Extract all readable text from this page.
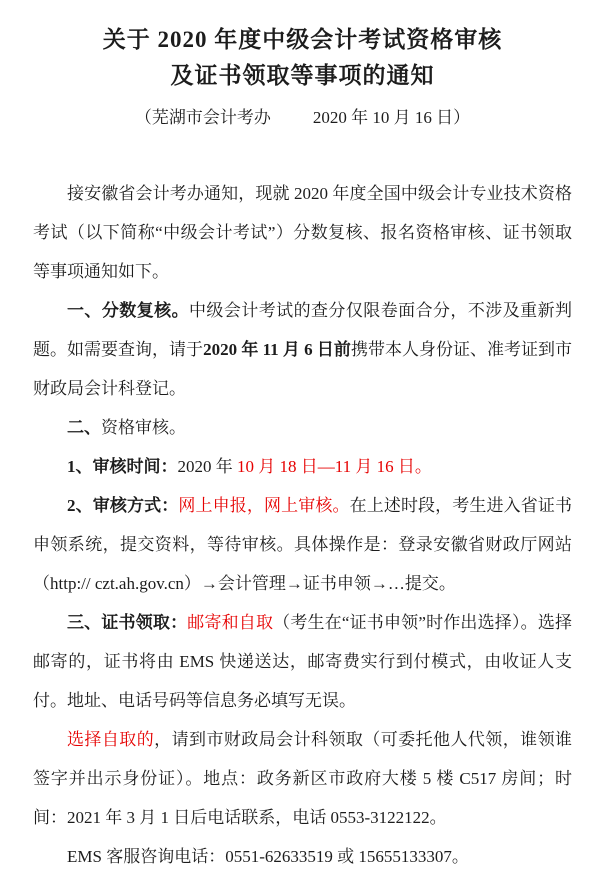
关于 2020 年度中级会计考试资格审核
及证书领取等事项的通知
（芜湖市会计考办 2020 年 10 月 16 日）

接安徽省会计考办通知，现就 2020 年度全国中级会计专业技术资格考试（以下简称“中级会计考试”）分数复核、报名资格审核、证书领取等事项通知如下。

一、分数复核。中级会计考试的查分仅限卷面合分，不涉及重新判题。如需要查询，请于2020 年 11 月 6 日前携带本人身份证、准考证到市财政局会计科登记。

二、资格审核。

1、审核时间：2020 年 10 月 18 日—11 月 16 日。

2、审核方式：网上申报，网上审核。在上述时段，考生进入省证书申领系统，提交资料，等待审核。具体操作是：登录安徽省财政厅网站（http:// czt.ah.gov.cn）→会计管理→证书申领→…提交。

三、证书领取：邮寄和自取（考生在“证书申领”时作出选择）。选择邮寄的，证书将由 EMS 快递送达，邮寄费实行到付模式，由收证人支付。地址、电话号码等信息务必填写无误。

选择自取的，请到市财政局会计科领取（可委托他人代领，谁领谁签字并出示身份证）。地点：政务新区市政府大楼 5 楼 C517 房间；时间：2021 年 3 月 1 日后电话联系，电话 0553-3122122。

EMS 客服咨询电话：0551-62633519 或 15655133307。
